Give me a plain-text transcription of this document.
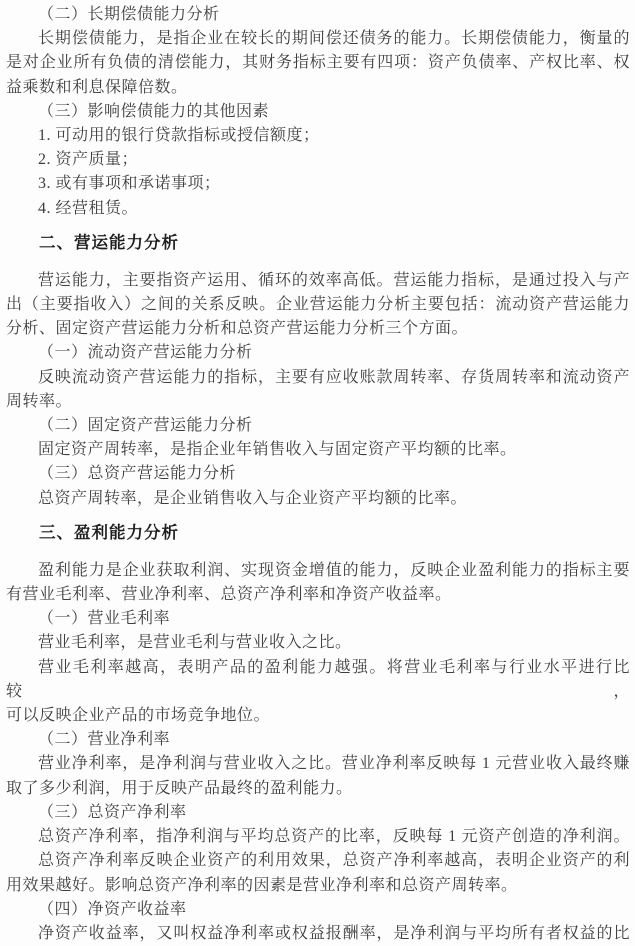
（二）长期偿债能力分析
长期偿债能力，是指企业在较长的期间偿还债务的能力。长期偿债能力，衡量的
是对企业所有负债的清偿能力，其财务指标主要有四项：资产负债率、产权比率、权
益乘数和利息保障倍数。
（三）影响偿债能力的其他因素
1. 可动用的银行贷款指标或授信额度；
2. 资产质量；
3. 或有事项和承诺事项；
4. 经营租赁。
二、营运能力分析
营运能力，主要指资产运用、循环的效率高低。营运能力指标，是通过投入与产
出（主要指收入）之间的关系反映。企业营运能力分析主要包括：流动资产营运能力
分析、固定资产营运能力分析和总资产营运能力分析三个方面。
（一）流动资产营运能力分析
反映流动资产营运能力的指标，主要有应收账款周转率、存货周转率和流动资产
周转率。
（二）固定资产营运能力分析
固定资产周转率，是指企业年销售收入与固定资产平均额的比率。
（三）总资产营运能力分析
总资产周转率，是企业销售收入与企业资产平均额的比率。
三、盈利能力分析
盈利能力是企业获取利润、实现资金增值的能力，反映企业盈利能力的指标主要
有营业毛利率、营业净利率、总资产净利率和净资产收益率。
（一）营业毛利率
营业毛利率，是营业毛利与营业收入之比。
营业毛利率越高，表明产品的盈利能力越强。将营业毛利率与行业水平进行比较，
可以反映企业产品的市场竞争地位。
（二）营业净利率
营业净利率，是净利润与营业收入之比。营业净利率反映每 1 元营业收入最终赚
取了多少利润，用于反映产品最终的盈利能力。
（三）总资产净利率
总资产净利率，指净利润与平均总资产的比率，反映每 1 元资产创造的净利润。
总资产净利率反映企业资产的利用效果，总资产净利率越高，表明企业资产的利
用效果越好。影响总资产净利率的因素是营业净利率和总资产周转率。
（四）净资产收益率
净资产收益率，又叫权益净利率或权益报酬率，是净利润与平均所有者权益的比
